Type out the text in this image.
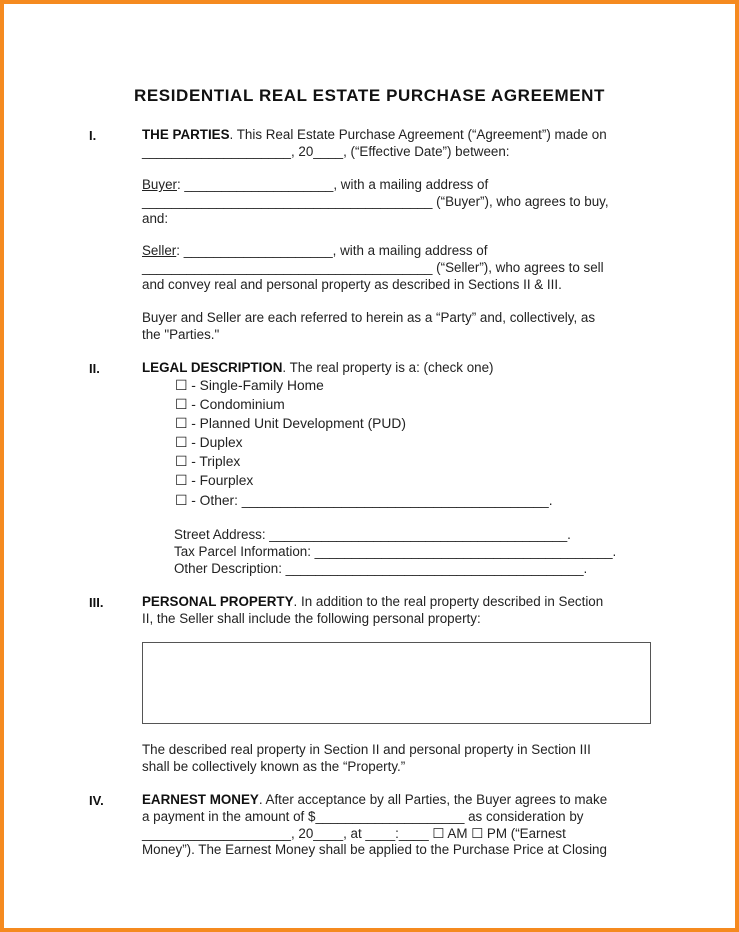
RESIDENTIAL REAL ESTATE PURCHASE AGREEMENT
I.	THE PARTIES. This Real Estate Purchase Agreement (“Agreement”) made on
____________________, 20____, (“Effective Date”) between:
Buyer: ____________________, with a mailing address of
_______________________________________ (“Buyer”), who agrees to buy,
and:
Seller: ____________________, with a mailing address of
_______________________________________ (“Seller”), who agrees to sell
and convey real and personal property as described in Sections II & III.
Buyer and Seller are each referred to herein as a “Party” and, collectively, as
the "Parties."
II.	LEGAL DESCRIPTION. The real property is a: (check one)
☐ - Single-Family Home
☐ - Condominium
☐ - Planned Unit Development (PUD)
☐ - Duplex
☐ - Triplex
☐ - Fourplex
☐ - Other: ________________________________________.
Street Address: ________________________________________.
Tax Parcel Information: ________________________________________.
Other Description: ________________________________________.
III.	PERSONAL PROPERTY. In addition to the real property described in Section
II, the Seller shall include the following personal property:
The described real property in Section II and personal property in Section III
shall be collectively known as the “Property.”
IV.	EARNEST MONEY. After acceptance by all Parties, the Buyer agrees to make
a payment in the amount of $____________________ as consideration by
____________________, 20____, at ____:____ ☐ AM ☐ PM (“Earnest
Money”). The Earnest Money shall be applied to the Purchase Price at Closing
